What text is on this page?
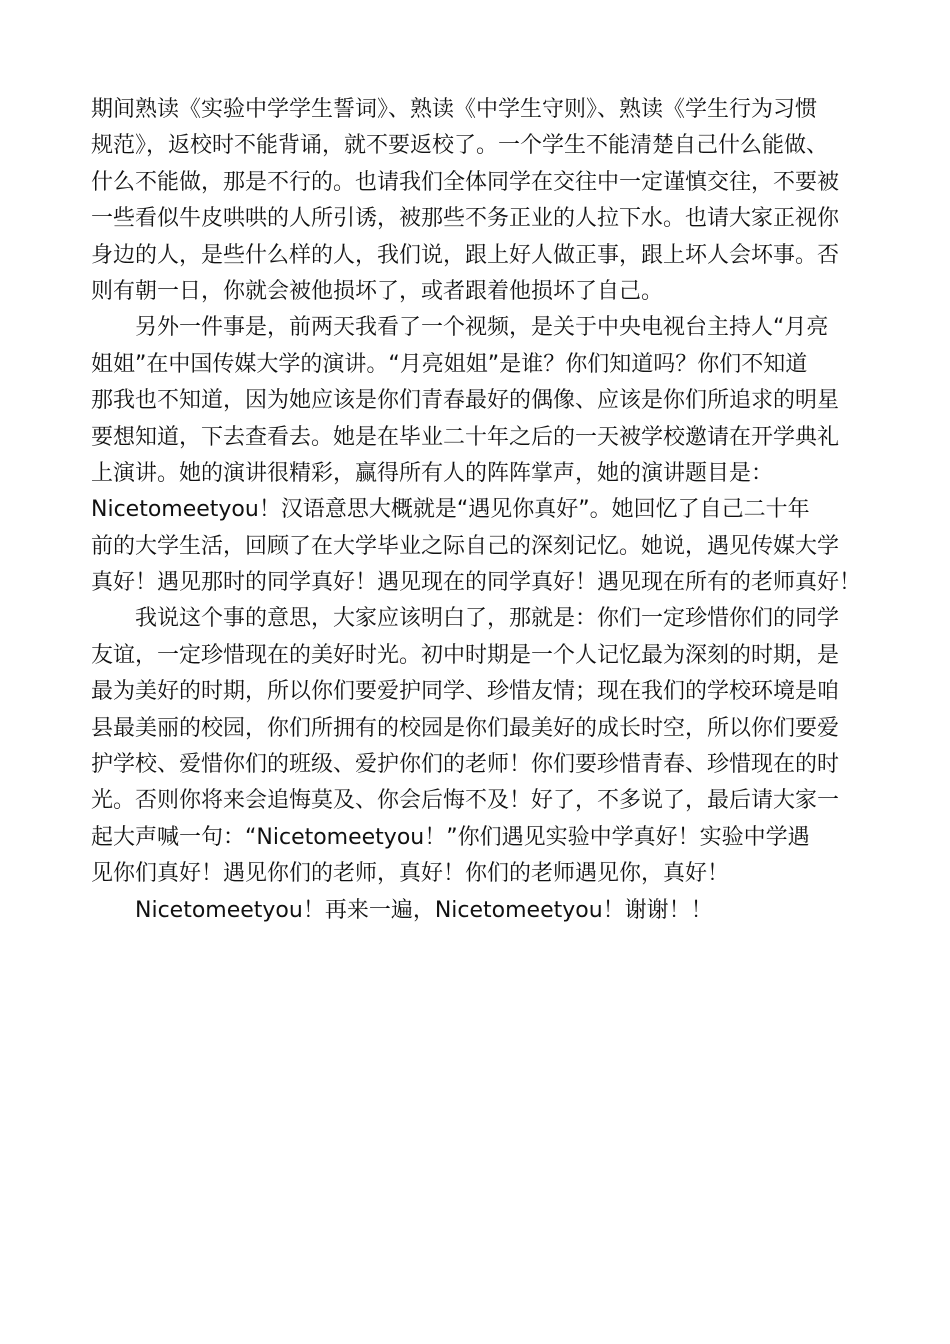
期间熟读《实验中学学生誓词》、熟读《中学生守则》、熟读《学生行为习惯
规范》，返校时不能背诵，就不要返校了。一个学生不能清楚自己什么能做、
什么不能做，那是不行的。也请我们全体同学在交往中一定谨慎交往，不要被
一些看似牛皮哄哄的人所引诱，被那些不务正业的人拉下水。也请大家正视你
身边的人，是些什么样的人，我们说，跟上好人做正事，跟上坏人会坏事。否
则有朝一日，你就会被他损坏了，或者跟着他损坏了自己。
另外一件事是，前两天我看了一个视频，是关于中央电视台主持人“月亮
姐姐”在中国传媒大学的演讲。“月亮姐姐”是谁？你们知道吗？你们不知道
那我也不知道，因为她应该是你们青春最好的偶像、应该是你们所追求的明星
要想知道，下去查看去。她是在毕业二十年之后的一天被学校邀请在开学典礼
上演讲。她的演讲很精彩，赢得所有人的阵阵掌声，她的演讲题目是：
Nicetomeetyou！汉语意思大概就是“遇见你真好”。她回忆了自己二十年
前的大学生活，回顾了在大学毕业之际自己的深刻记忆。她说，遇见传媒大学
真好！遇见那时的同学真好！遇见现在的同学真好！遇见现在所有的老师真好！
我说这个事的意思，大家应该明白了，那就是：你们一定珍惜你们的同学
友谊，一定珍惜现在的美好时光。初中时期是一个人记忆最为深刻的时期，是
最为美好的时期，所以你们要爱护同学、珍惜友情；现在我们的学校环境是咱
县最美丽的校园，你们所拥有的校园是你们最美好的成长时空，所以你们要爱
护学校、爱惜你们的班级、爱护你们的老师！你们要珍惜青春、珍惜现在的时
光。否则你将来会追悔莫及、你会后悔不及！好了，不多说了，最后请大家一
起大声喊一句：“Nicetomeetyou！”你们遇见实验中学真好！实验中学遇
见你们真好！遇见你们的老师，真好！你们的老师遇见你，真好！
Nicetomeetyou！再来一遍，Nicetomeetyou！谢谢！！
